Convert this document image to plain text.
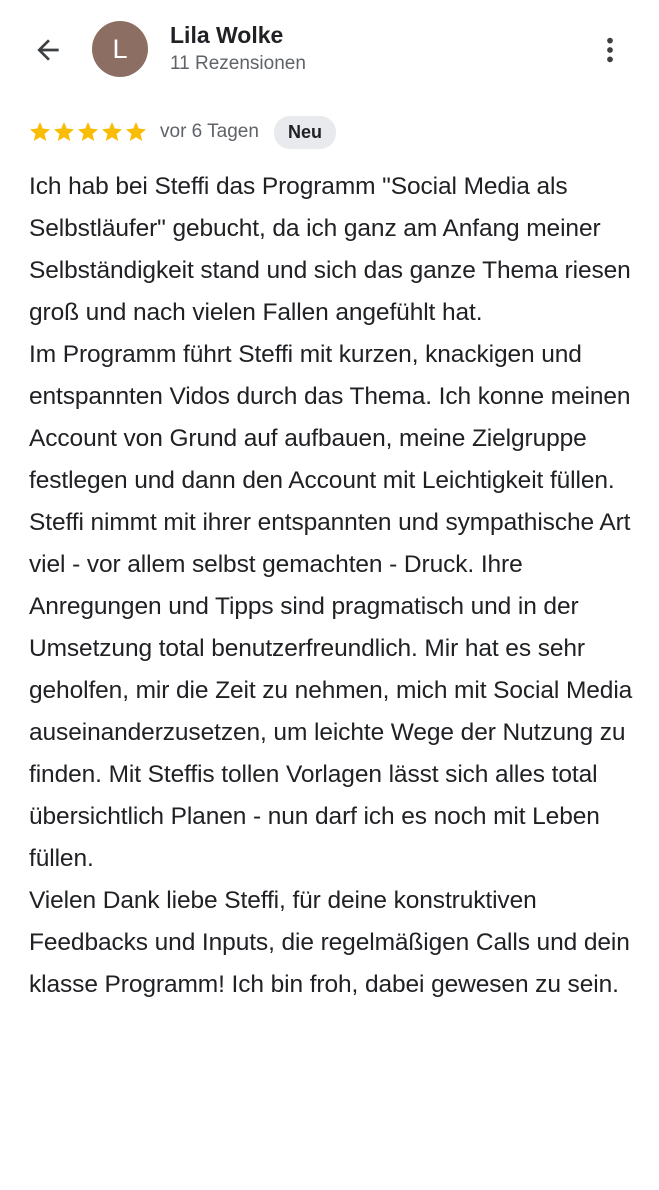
L Lila Wolke
11 Rezensionen
vor 6 Tagen	Neu
Ich hab bei Steffi das Programm "Social Media als Selbstläufer" gebucht, da ich ganz am Anfang meiner Selbständigkeit stand und sich das ganze Thema riesen groß und nach vielen Fallen angefühlt hat.
Im Programm führt Steffi mit kurzen, knackigen und entspannten Vidos durch das Thema. Ich konne meinen Account von Grund auf aufbauen, meine Zielgruppe festlegen und dann den Account mit Leichtigkeit füllen. Steffi nimmt mit ihrer entspannten und sympathische Art viel - vor allem selbst gemachten - Druck. Ihre Anregungen und Tipps sind pragmatisch und in der Umsetzung total benutzerfreundlich. Mir hat es sehr geholfen, mir die Zeit zu nehmen, mich mit Social Media auseinanderzusetzen, um leichte Wege der Nutzung zu finden. Mit Steffis tollen Vorlagen lässt sich alles total übersichtlich Planen - nun darf ich es noch mit Leben füllen.
Vielen Dank liebe Steffi, für deine konstruktiven Feedbacks und Inputs, die regelmäßigen Calls und dein klasse Programm! Ich bin froh, dabei gewesen zu sein.
